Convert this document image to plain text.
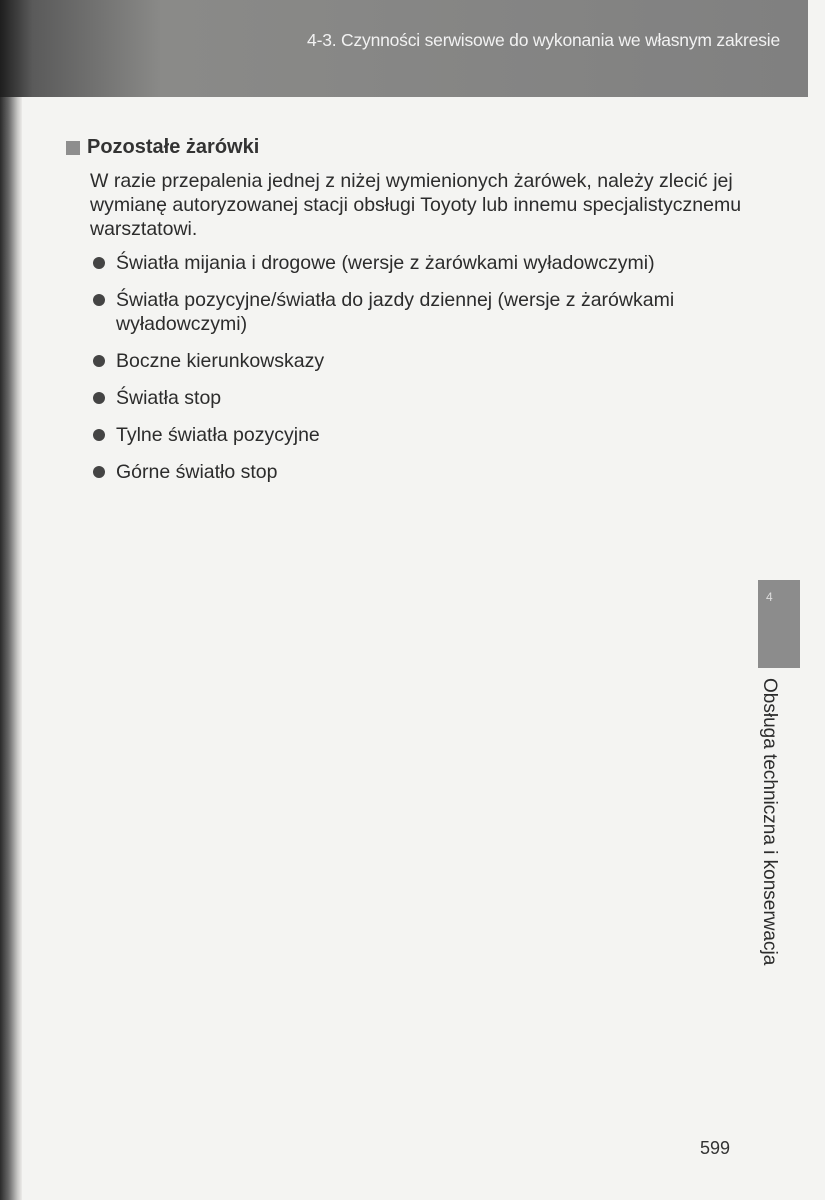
4-3. Czynności serwisowe do wykonania we własnym zakresie
Pozostałe żarówki

W razie przepalenia jednej z niżej wymienionych żarówek, należy zlecić jej wymianę autoryzowanej stacji obsługi Toyoty lub innemu specjalistycznemu warsztatowi.

Światła mijania i drogowe (wersje z żarówkami wyładowczymi)
Światła pozycyjne/światła do jazdy dziennej (wersje z żarówkami wyładowczymi)
Boczne kierunkowskazy
Światła stop
Tylne światła pozycyjne
Górne światło stop
4
Obsługa techniczna i konserwacja
599
